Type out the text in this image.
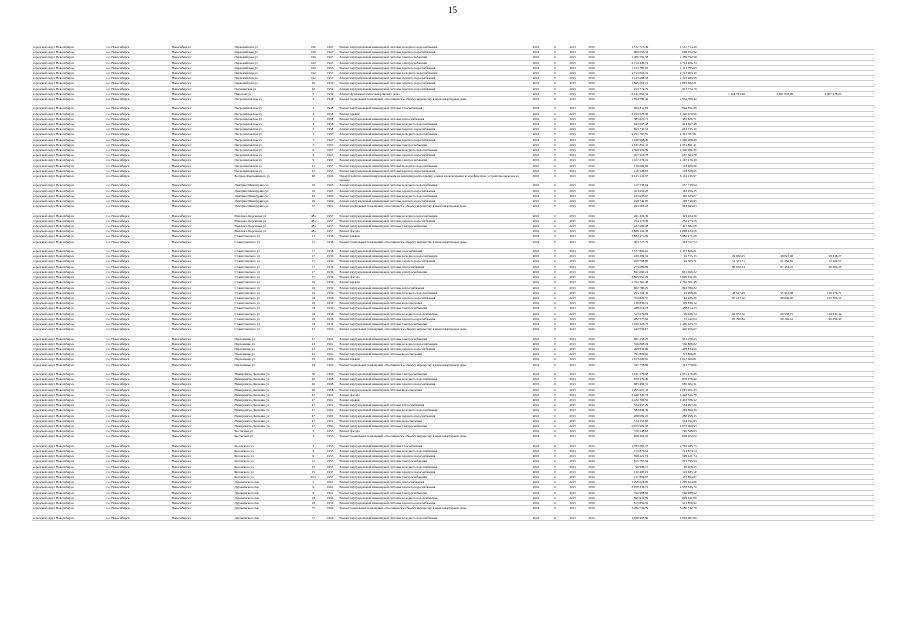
15
городской округ Новосибирск	г.о. Новосибирск	Новосибирск г	Первомайская ул	196	1967	Ремонт внутридомовой инженерной системы холодного водоснабжения	2016	0	2015	2016	1 512 713,49	1 512 713,49				
городской округ Новосибирск	г.о. Новосибирск	Новосибирск г	Первомайская ул	196	1967	Ремонт внутридомовой инженерной системы горячего водоснабжения	2016	0	2015	2016	609 052,32	609 052,32				
городской округ Новосибирск	г.о. Новосибирск	Новосибирск г	Первомайская ул	196	1967	Ремонт внутридомовой инженерной системы электроснабжения	2016	0	2015	2016	1 289 792,58	1 289 792,58				
городской округ Новосибирск	г.о. Новосибирск	Новосибирск г	Первомайская ул	160	1963	Ремонт внутридомовой инженерной системы электроснабжения	2016	0	2015	2016	2 714 406,74	2 714 406,74				
городской округ Новосибирск	г.о. Новосибирск	Новосибирск г	Первомайская ул	160	1963	Ремонт внутридомовой инженерной системы горячего водоснабжения	2016	0	2015	2016	1 123 785,63	1 123 785,63				
городской округ Новосибирск	г.о. Новосибирск	Новосибирск г	Первомайская ул	162	1957	Ремонт внутридомовой инженерной системы холодного водоснабжения	2016	0	2015	2016	2 713 063,19	2 713 063,19				
городской округ Новосибирск	г.о. Новосибирск	Новосибирск г	Первомайская ул	162	1957	Ремонт внутридомовой инженерной системы горячего водоснабжения	2016	0	2015	2016	1 123 688,58	1 123 688,58				
городской округ Новосибирск	г.о. Новосибирск	Новосибирск г	Первомайская ул	29	1959	Ремонт внутридомовой инженерной системы горячего водоснабжения	2016	0	2015	2016	1 865 662,21	1 865 662,21				
городской округ Новосибирск	г.о. Новосибирск	Новосибирск г	Полевинская ул	26	1954	Ремонт внутридомовой инженерной системы горячего водоснабжения	2016	0	2015	2016	913 774,79	913 774,79				
городской округ Новосибирск	г.о. Новосибирск	Новосибирск г	Пирогова ул	5	1959	Ремонт фундамента многоквартирного дома	2016	0	2015	2016	6 141 862,34		1 162 765,68	2 281 818,99	2 697 278,61	
городской округ Новосибирск	г.о. Новосибирск	Новосибирск г	Петропавловская ул	3	1948	Ремонт подвальных помещений, относящихся к общему имуществу в многоквартирном доме	2016	0	2015	2016	1 854 780,42	1 854 780,42				
городской округ Новосибирск	г.о. Новосибирск	Новосибирск г	Петропавловская ул	1	1948	Ремонт внутридомовой инженерной системы газоснабжения	2016	0	2015	2016	864 811,60	864 811,60				
городской округ Новосибирск	г.о. Новосибирск	Новосибирск г	Петропавловская ул	3	1958	Ремонт крыши	2016	0	2015	2016	2 196 670,96	2 196 670,96				
городской округ Новосибирск	г.о. Новосибирск	Новосибирск г	Петропавловская ул	3	1958	Ремонт внутридомовой инженерной системы теплоснабжения	2016	0	2015	2016	385 621,71	385 621,71				
городской округ Новосибирск	г.о. Новосибирск	Новосибирск г	Петропавловская ул	5	1958	Ремонт внутридомовой инженерной системы холодного водоснабжения	2016	0	2015	2016	643 697,48	643 697,48				
городской округ Новосибирск	г.о. Новосибирск	Новосибирск г	Петропавловская ул	5	1958	Ремонт внутридомовой инженерной системы горячего водоснабжения	2016	0	2015	2016	663 735,16	663 735,16				
городской округ Новосибирск	г.о. Новосибирск	Новосибирск г	Петропавловская ул	7	1967	Ремонт внутридомовой инженерной системы холодного водоснабжения	2016	0	2015	2016	2 191 787,81	2 191 787,81				
городской округ Новосибирск	г.о. Новосибирск	Новосибирск г	Петропавловская ул	7	1967	Ремонт внутридомовой инженерной системы горячего водоснабжения	2016	0	2015	2016	1 049 968,49	1 049 968,49				
городской округ Новосибирск	г.о. Новосибирск	Новосибирск г	Петропавловская ул	7	1967	Ремонт внутридомовой инженерной системы электроснабжения	2016	0	2015	2016	2 031 891,41	2 031 891,41				
городской округ Новосибирск	г.о. Новосибирск	Новосибирск г	Петропавловская ул	9	1967	Ремонт внутридомовой инженерной системы холодного водоснабжения	2016	0	2015	2016	1 596 991,39	1 596 991,39				
городской округ Новосибирск	г.о. Новосибирск	Новосибирск г	Петропавловская ул	9	1967	Ремонт внутридомовой инженерной системы горячего водоснабжения	2016	0	2015	2016	657 563,78	657 563,78				
городской округ Новосибирск	г.о. Новосибирск	Новосибирск г	Петропавловская ул	9	1967	Ремонт внутридомовой инженерной системы электроснабжения	2016	0	2015	2016	1 167 276,19	1 167 276,19				
городской округ Новосибирск	г.о. Новосибирск	Новосибирск г	Петропавловская ул	21	1957	Ремонт внутридомовой инженерной системы холодного водоснабжения	2016	0	2015	2016	118 600,60	118 600,60				
городской округ Новосибирск	г.о. Новосибирск	Новосибирск г	Петропавловская ул	21	1957	Ремонт внутридомовой инженерной системы горячего водоснабжения	2016	0	2015	2016	118 528,93	118 528,93				
городской округ Новосибирск	г.о. Новосибирск	Новосибирск г	Богдана Хмельницкого ул	68	1960	Переустройство невентилируемой крыши на вентилируемую крышу, замена кровли крыши из профнастила, устройство выходов на кровлю	2016	0	2015	2016	6 101 116,97	6 101 116,97				
городской округ Новосибирск	г.о. Новосибирск	Новосибирск г	Дмитрия Шамшурина ул	19	1963	Ремонт внутридомовой инженерной системы холодного водоснабжения	2016	0	2015	2016	157 738,64	157 738,64				
городской округ Новосибирск	г.о. Новосибирск	Новосибирск г	Дмитрия Шамшурина ул	19	1963	Ремонт внутридомовой инженерной системы горячего водоснабжения	2016	0	2015	2016	163 656,25	163 656,25				
городской округ Новосибирск	г.о. Новосибирск	Новосибирск г	Дмитрия Шамшурина ул	29	1960	Ремонт внутридомовой инженерной системы холодного водоснабжения	2016	0	2015	2016	165 633,07	165 633,07				
городской округ Новосибирск	г.о. Новосибирск	Новосибирск г	Дмитрия Шамшурина ул	29	1960	Ремонт внутридомовой инженерной системы горячего водоснабжения	2016	0	2015	2016	198 740,95	198 740,95				
городской округ Новосибирск	г.о. Новосибирск	Новосибирск г	Дмитрия Шамшурина ул	37	1961	Ремонт подвальных помещений, относящихся к общему имуществу в многоквартирном доме	2016	0	2015	2016	463 693,03	463 693,03				
городской округ Новосибирск	г.о. Новосибирск	Новосибирск г	Римского-Корсакова ул	48а	1957	Ремонт внутридомовой инженерной системы холодного водоснабжения	2016	0	2015	2016	401 204,39	401 204,39				
городской округ Новосибирск	г.о. Новосибирск	Новосибирск г	Римского-Корсакова ул	48а	1957	Ремонт внутридомовой инженерной системы горячего водоснабжения	2016	0	2015	2016	254 273,59	254 273,59				
городской округ Новосибирск	г.о. Новосибирск	Новосибирск г	Римского-Корсакова ул	48а	1957	Ремонт внутридомовой инженерной системы электроснабжения	2016	0	2015	2016	427 682,08	427 682,08				
городской округ Новосибирск	г.о. Новосибирск	Новосибирск г	Римского-Корсакова ул	48а	1957	Ремонт фасада	2016	0	2015	2016	4 868 434,59	4 868 434,59				
городской округ Новосибирск	г.о. Новосибирск	Новосибирск г	Станиславского ул	17	1938	Ремонт крыши	2016	0	2015	2016	3 883 471,09	3 883 471,09				
городской округ Новосибирск	г.о. Новосибирск	Новосибирск г	Станиславского ул	17	1938	Ремонт подвальных помещений, относящихся к общему имуществу в многоквартирном доме	2016	0	2015	2016	363 727,74	363 727,74				
городской округ Новосибирск	г.о. Новосибирск	Новосибирск г	Станиславского ул	17	1938	Ремонт внутридомовой инженерной системы газоснабжения	2016	0	2015	2016	1 377 866,61	1 377 866,61				
городской округ Новосибирск	г.о. Новосибирск	Новосибирск г	Станиславского ул	17	1936	Ремонт внутридомовой инженерной системы холодного водоснабжения	2016	0	2015	2016	168 299,52	16 755,15	29 960,05	48 810,08	68 618,27	
городской округ Новосибирск	г.о. Новосибирск	Новосибирск г	Станиславского ул	17	1936	Ремонт внутридомовой инженерной системы горячего водоснабжения	2016	0	2015	2016	209 768,80	26 583,71	51 323,71	61 456,82	72 404,57	
городской округ Новосибирск	г.о. Новосибирск	Новосибирск г	Станиславского ул	17	1936	Ремонт внутридомовой инженерной системы теплоснабжения	2016	0	2015	2016	273 089,86		86 636,14	87 453,47	99 000,25	
городской округ Новосибирск	г.о. Новосибирск	Новосибирск г	Станиславского ул	17	1936	Ремонт внутридомовой инженерной системы электроснабжения	2016	0	2015	2016	861 690,22	861 690,22				
городской округ Новосибирск	г.о. Новосибирск	Новосибирск г	Станиславского ул	17	1936	Ремонт фасада	2016	0	2015	2016	3 809 651,09	3 809 651,09				
городской округ Новосибирск	г.о. Новосибирск	Новосибирск г	Станиславского ул	19	1959	Ремонт крыши	2016	0	2015	2016	2 762 361,48	2 762 361,48				
городской округ Новосибирск	г.о. Новосибирск	Новосибирск г	Станиславского ул	19	1959	Ремонт внутридомовой инженерной системы теплоснабжения	2016	0	2015	2016	862 780,22	862 780,22				
городской округ Новосибирск	г.о. Новосибирск	Новосибирск г	Станиславского ул	19	1959	Ремонт внутридомовой инженерной системы холодного водоснабжения	2016	0	2015	2016	294 104,44	19 998,26	48 617,09	95 912,68	130 476,71	
городской округ Новосибирск	г.о. Новосибирск	Новосибирск г	Станиславского ул	19	1959	Ремонт внутридомовой инженерной системы горячего водоснабжения	2016	0	2015	2016	379 822,57	40 285,26	65 107,56	88 600,40	105 383,12	
городской округ Новосибирск	г.о. Новосибирск	Новосибирск г	Станиславского ул	19	1959	Ремонт внутридомовой инженерной системы водоотведения	2016	0	2015	2016	128 836,12	128 836,12				
городской округ Новосибирск	г.о. Новосибирск	Новосибирск г	Станиславского ул	19	1959	Ремонт внутридомовой инженерной системы электроснабжения	2016	0	2015	2016	488 614,23	488 614,23				
городской округ Новосибирск	г.о. Новосибирск	Новосибирск г	Станиславского ул	19	1936	Ремонт внутридомовой инженерной системы холодного водоснабжения	2016	0	2015	2016	313 679,09	49 428,74	69 972,50	69 938,71	118 241,42	
городской округ Новосибирск	г.о. Новосибирск	Новосибирск г	Станиславского ул	19	1936	Ремонт внутридомовой инженерной системы горячего водоснабжения	2016	0	2015	2016	282 577,66	51 142,04	65 790,36	69 166,41	96 454,43	
городской округ Новосибирск	г.о. Новосибирск	Новосибирск г	Станиславского ул	19	1936	Ремонт внутридомовой инженерной системы электроснабжения	2016	0	2015	2016	1 459 223,73	1 459 223,73				
городской округ Новосибирск	г.о. Новосибирск	Новосибирск г	Станиславского ул	21	1951	Ремонт подвальных помещений, относящихся к общему имуществу в многоквартирном доме	2016	0	2015	2016	420 056,67	420 056,67				
городской округ Новосибирск	г.о. Новосибирск	Новосибирск г	Пархоменко ул	27	1961	Ремонт внутридомовой инженерной системы электроснабжения	2016	0	2015	2016	961 258,25	961 258,25				
городской округ Новосибирск	г.о. Новосибирск	Новосибирск г	Пархоменко ул	43	1961	Ремонт внутридомовой инженерной системы холодного водоснабжения	2016	0	2015	2016	556 868,02	556 868,02				
городской округ Новосибирск	г.о. Новосибирск	Новосибирск г	Пархоменко ул	43	1961	Ремонт внутридомовой инженерной системы горячего водоснабжения	2016	0	2015	2016	498 834,69	498 834,69				
городской округ Новосибирск	г.о. Новосибирск	Новосибирск г	Пархоменко ул	43	1961	Ремонт внутридомовой инженерной системы водоотведения	2016	0	2015	2016	791 806,81	791 806,81				
городской округ Новосибирск	г.о. Новосибирск	Новосибирск г	Пархоменко ул	63	1960	Ремонт крыши	2016	0	2015	2016	1 013 600,81	1 013 600,81				
городской округ Новосибирск	г.о. Новосибирск	Новосибирск г	Пархоменко ул	63	1960	Ремонт подвальных помещений, относящихся к общему имуществу в многоквартирном доме	2016	0	2015	2016	341 778,86	341 778,86				
городской округ Новосибирск	г.о. Новосибирск	Новосибирск г	Немировича-Данченко ул	30	1969	Ремонт внутридомовой инженерной системы электроснабжения	2016	0	2015	2016	1 031 276,68	1 031 276,68				
городской округ Новосибирск	г.о. Новосибирск	Новосибирск г	Немировича-Данченко ул	46	1968	Ремонт внутридомовой инженерной системы холодного водоснабжения	2016	0	2015	2016	879 979,40	879 979,40				
городской округ Новосибирск	г.о. Новосибирск	Новосибирск г	Немировича-Данченко ул	46	1968	Ремонт внутридомовой инженерной системы горячего водоснабжения	2016	0	2015	2016	985 482,31	985 482,31				
городской округ Новосибирск	г.о. Новосибирск	Новосибирск г	Немировича-Данченко ул	46	1968	Ремонт внутридомовой инженерной системы водоотведения	2016	0	2015	2016	1 095 601,43	1 095 601,43				
городской округ Новосибирск	г.о. Новосибирск	Новосибирск г	Немировича-Данченко ул	47	1961	Ремонт фасада	2016	0	2015	2016	2 448 320,78	2 448 320,78				
городской округ Новосибирск	г.о. Новосибирск	Новосибирск г	Немировича-Данченко ул	47	1961	Ремонт крыши	2016	0	2015	2016	2 432 786,52	2 432 786,52				
городской округ Новосибирск	г.о. Новосибирск	Новосибирск г	Немировича-Данченко ул	47	1961	Ремонт внутридомовой инженерной системы теплоснабжения	2016	0	2015	2016	534 997,29	534 997,29				
городской округ Новосибирск	г.о. Новосибирск	Новосибирск г	Немировича-Данченко ул	47	1961	Ремонт внутридомовой инженерной системы холодного водоснабжения	2016	0	2015	2016	384 899,39	384 899,39				
городской округ Новосибирск	г.о. Новосибирск	Новосибирск г	Немировича-Данченко ул	47	1961	Ремонт внутридомовой инженерной системы горячего водоснабжения	2016	0	2015	2016	288 099,25	288 099,25				
городской округ Новосибирск	г.о. Новосибирск	Новосибирск г	Немировича-Данченко ул	47	1961	Ремонт внутридомовой инженерной системы водоотведения	2016	0	2015	2016	514 191,83	514 191,83				
городской округ Новосибирск	г.о. Новосибирск	Новосибирск г	Немировича-Данченко ул	47	1961	Ремонт внутридомовой инженерной системы электроснабжения	2016	0	2015	2016	2 675 909,93	2 675 909,93				
городской округ Новосибирск	г.о. Новосибирск	Новосибирск г	Костычева ул	5	1953	Ремонт фасада	2016	0	2015	2016	720 548,63	720 548,63				
городской округ Новосибирск	г.о. Новосибирск	Новосибирск г	Костычева ул	5	1953	Ремонт подвальных помещений, относящихся к общему имуществу в многоквартирном доме	2016	0	2015	2016	608 402,02	608 402,02				
городской округ Новосибирск	г.о. Новосибирск	Новосибирск г	Котовского ул	7	1953	Ремонт внутридомовой инженерной системы газоснабжения	2016	0	2015	2016	1 763 285,73	1 763 285,73				
городской округ Новосибирск	г.о. Новосибирск	Новосибирск г	Котовского ул	9	1953	Ремонт внутридомовой инженерной системы холодного водоснабжения	2016	0	2015	2016	713 873,54	713 873,54				
городской округ Новосибирск	г.о. Новосибирск	Новосибирск г	Котовского ул	9	1953	Ремонт внутридомовой инженерной системы горячего водоснабжения	2016	0	2015	2016	598 421,74	598 421,74				
городской округ Новосибирск	г.о. Новосибирск	Новосибирск г	Котовского ул	11	1953	Ремонт внутридомовой инженерной системы электроснабжения	2016	0	2015	2016	815 765,94	815 765,94				
городской округ Новосибирск	г.о. Новосибирск	Новосибирск г	Котовского ул	25	1957	Ремонт внутридомовой инженерной системы холодного водоснабжения	2016	0	2015	2016	90 908,15	90 908,15				
городской округ Новосибирск	г.о. Новосибирск	Новосибирск г	Котовского ул	25	1957	Ремонт внутридомовой инженерной системы горячего водоснабжения	2016	0	2015	2016	110 485,19	110 485,19				
городской округ Новосибирск	г.о. Новосибирск	Новосибирск г	Котовского ул	25/1	1957	Ремонт внутридомовой инженерной системы электроснабжения	2016	0	2015	2016	157 894,87	157 894,87				
городской округ Новосибирск	г.о. Новосибирск	Новосибирск г	Дуровинского пер	5	1961	Ремонт внутридомовой инженерной системы теплоснабжения	2016	0	2015	2016	1 299 624,66	1 299 624,66				
городской округ Новосибирск	г.о. Новосибирск	Новосибирск г	Дуровинского пер	9	1961	Ремонт внутридомовой инженерной системы горячего водоснабжения	2016	0	2015	2016	2 978 336,72	2 978 336,72				
городской округ Новосибирск	г.о. Новосибирск	Новосибирск г	Дуровинского пер	9	1961	Ремонт внутридомовой инженерной системы электроснабжения	2016	0	2015	2016	766 988,92	766 988,92				
городской округ Новосибирск	г.о. Новосибирск	Новосибирск г	Дуровинского пер	18	1956	Ремонт внутридомовой инженерной системы холодного водоснабжения	2016	0	2015	2016	899 641,89	899 641,89				
городской округ Новосибирск	г.о. Новосибирск	Новосибирск г	Дуровинского пер	18	1956	Ремонт внутридомовой инженерной системы горячего водоснабжения	2016	0	2015	2016	613 856,92	613 856,92				
городской округ Новосибирск	г.о. Новосибирск	Новосибирск г	Дуровинского пер	75	1962	Ремонт подвальных помещений, относящихся к общему имуществу в многоквартирном доме	2016	0	2015	2016	3 280 732,79	3 280 732,79				
городской округ Новосибирск	г.о. Новосибирск	Новосибирск г	Дуровинского пер	77	1962	Ремонт внутридомовой инженерной системы холодного водоснабжения	2016	0	2015	2016	1 020 987,86	1 020 987,86				
